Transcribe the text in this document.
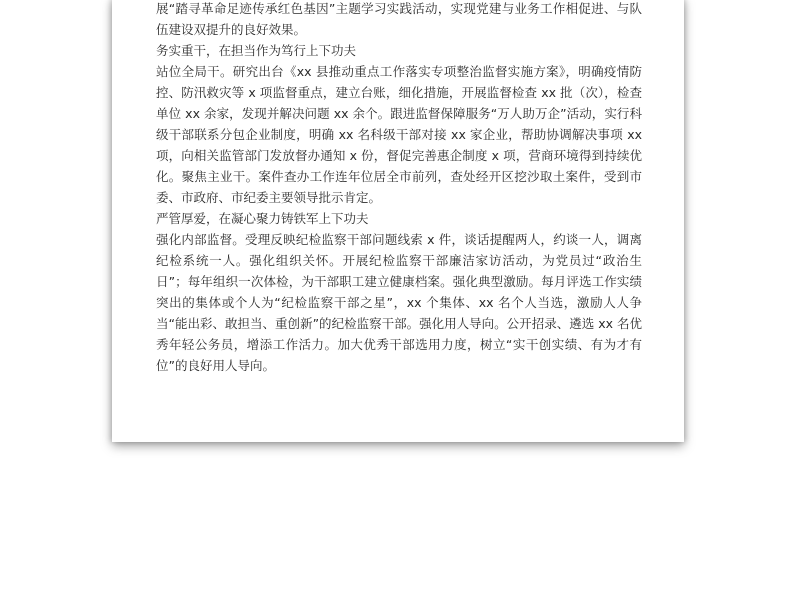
展“踏寻革命足迹传承红色基因”主题学习实践活动，实现党建与业务工作相促进、与队伍建设双提升的良好效果。

务实重干，在担当作为笃行上下功夫

站位全局干。研究出台《xx 县推动重点工作落实专项整治监督实施方案》，明确疫情防控、防汛救灾等 x 项监督重点，建立台账，细化措施，开展监督检查 xx 批（次），检查单位 xx 余家，发现并解决问题 xx 余个。跟进监督保障服务“万人助万企”活动，实行科级干部联系分包企业制度，明确 xx 名科级干部对接 xx 家企业，帮助协调解决事项 xx 项，向相关监管部门发放督办通知 x 份，督促完善惠企制度 x 项，营商环境得到持续优化。聚焦主业干。案件查办工作连年位居全市前列，查处经开区挖沙取土案件，受到市委、市政府、市纪委主要领导批示肯定。

严管厚爱，在凝心聚力铸铁军上下功夫

强化内部监督。受理反映纪检监察干部问题线索 x 件，谈话提醒两人，约谈一人，调离纪检系统一人。强化组织关怀。开展纪检监察干部廉洁家访活动，为党员过“政治生日”；每年组织一次体检，为干部职工建立健康档案。强化典型激励。每月评选工作实绩突出的集体或个人为“纪检监察干部之星”，xx 个集体、xx 名个人当选，激励人人争当“能出彩、敢担当、重创新”的纪检监察干部。强化用人导向。公开招录、遴选 xx 名优秀年轻公务员，增添工作活力。加大优秀干部选用力度，树立“实干创实绩、有为才有位”的良好用人导向。
